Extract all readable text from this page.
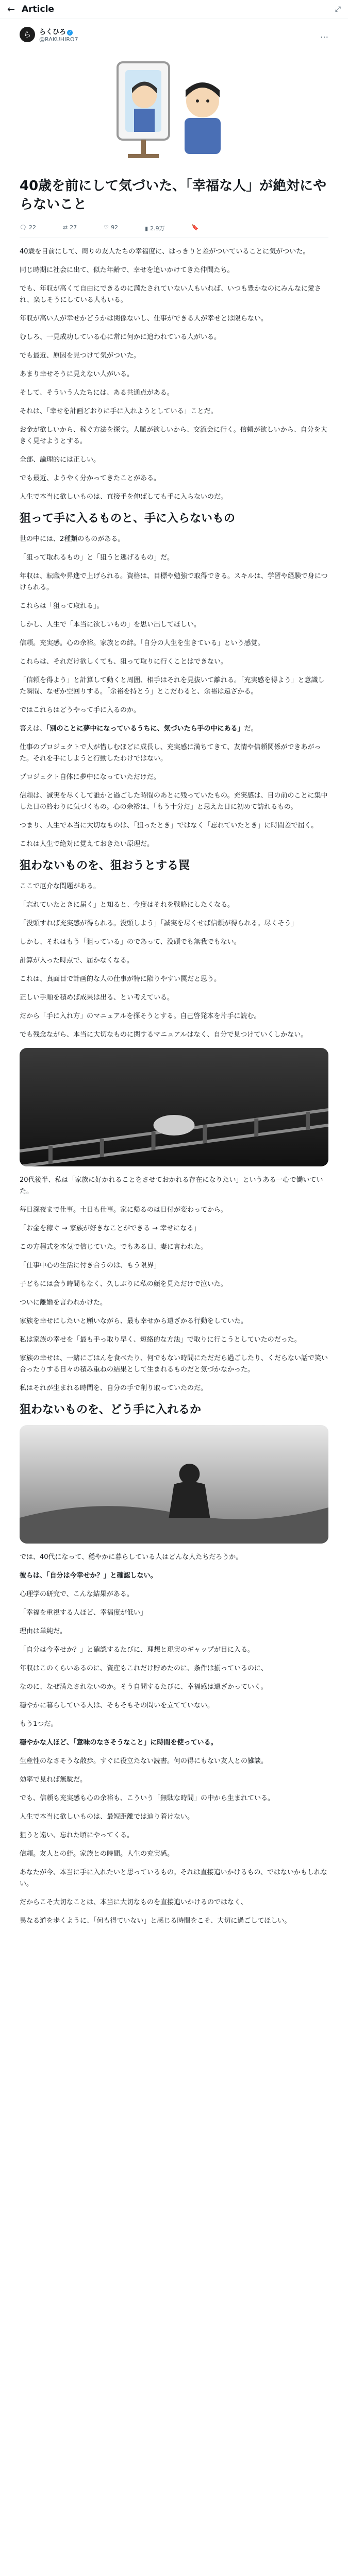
← Article	⤢
ら らくひろ ✓
@RAKUHIRO7	…
40歳を前にして気づいた、「幸福な人」が絶対にやらないこと
🗨 22	⇄ 27	♡ 92	▮ 2.9万	🔖

40歳を目前にして、周りの友人たちの幸福度に、はっきりと差がついていることに気がついた。

同じ時期に社会に出て、似た年齢で、幸せを追いかけてきた仲間たち。

でも、年収が高くて自由にできるのに満たされていない人もいれば、いつも豊かなのにみんなに愛され、楽しそうにしている人もいる。

年収が高い人が幸せかどうかは関係ないし、仕事ができる人が幸せとは限らない。

むしろ、一見成功している心に常に何かに追われている人がいる。

でも最近、原因を見つけて気がついた。

あまり幸せそうに見えない人がいる。

そして、そういう人たちには、ある共通点がある。

それは、「幸せを計画どおりに手に入れようとしている」ことだ。

お金が欲しいから、稼ぐ方法を探す。人脈が欲しいから、交流会に行く。信頼が欲しいから、自分を大きく見せようとする。

全部、論理的には正しい。

でも最近、ようやく分かってきたことがある。

人生で本当に欲しいものは、直接手を伸ばしても手に入らないのだ。

狙って手に入るものと、手に入らないもの

世の中には、2種類のものがある。

「狙って取れるもの」と「狙うと逃げるもの」だ。

年収は、転職や昇進で上げられる。資格は、目標や勉強で取得できる。スキルは、学習や経験で身につけられる。

これらは「狙って取れる」。

しかし、人生で「本当に欲しいもの」を思い出してほしい。

信頼。充実感。心の余裕。家族との絆。「自分の人生を生きている」という感覚。

これらは、それだけ欲しくても、狙って取りに行くことはできない。

「信頼を得よう」と計算して動くと周囲、相手はそれを見抜いて離れる。「充実感を得よう」と意識した瞬間、なぜか空回りする。「余裕を持とう」とこだわると、余裕は遠ざかる。

ではこれらはどうやって手に入るのか。

答えは、「別のことに夢中になっているうちに、気づいたら手の中にある」だ。

仕事のプロジェクトで人が惜しむほどに成長し、充実感に満ちてきて、友情や信頼関係ができあがった。それを手にしようと行動したわけではない。

プロジェクト自体に夢中になっていただけだ。

信頼は、誠実を尽くして誰かと過ごした時間のあとに残っていたもの。充実感は、目の前のことに集中した日の終わりに気づくもの。心の余裕は、「もう十分だ」と思えた日に初めて訪れるもの。

つまり、人生で本当に大切なものは、「狙ったとき」ではなく「忘れていたとき」に時間差で届く。

これは人生で絶対に覚えておきたい原理だ。

狙わないものを、狙おうとする罠

ここで厄介な問題がある。

「忘れていたときに届く」と知ると、今度はそれを戦略にしたくなる。

「没頭すれば充実感が得られる。没頭しよう」「誠実を尽くせば信頼が得られる。尽くそう」

しかし、それはもう「狙っている」のであって、没頭でも無我でもない。

計算が入った時点で、届かなくなる。

これは、真面目で計画的な人の仕事が特に陥りやすい罠だと思う。

正しい手順を積めば成果は出る、とい考えている。

だから「手に入れ方」のマニュアルを探そうとする。自己啓発本を片手に読む。

でも残念ながら、本当に大切なものに関するマニュアルはなく、自分で見つけていくしかない。

20代後半、私は「家族に好かれることをさせておかれる存在になりたい」というある一心で働いていた。

毎日深夜まで仕事。土日も仕事。家に帰るのは日付が変わってから。

「お金を稼ぐ → 家族が好きなことができる → 幸せになる」

この方程式を本気で信じていた。でもある日、妻に言われた。

「仕事中心の生活に付き合うのは、もう限界」

子どもには会う時間もなく、久しぶりに私の顔を見ただけで泣いた。

ついに離婚を言われかけた。

家族を幸せにしたいと願いながら、最も幸せから遠ざかる行動をしていた。

私は家族の幸せを「最も手っ取り早く、短絡的な方法」で取りに行こうとしていたのだった。

家族の幸せは、一緒にごはんを食べたり、何でもない時間にただだら過ごしたり、くだらない話で笑い合ったりする日々の積み重ねの結果として生まれるものだと気づかなかった。

私はそれが生まれる時間を、自分の手で削り取っていたのだ。

狙わないものを、どう手に入れるか

では、40代になって、穏やかに暮らしている人はどんな人たちだろうか。

彼らは、「自分は今幸せか？」と確認しない。

心理学の研究で、こんな結果がある。

「幸福を重視する人ほど、幸福度が低い」

理由は単純だ。

「自分は今幸せか？」と確認するたびに、理想と現実のギャップが目に入る。

年収はこのくらいあるのに、資産もこれだけ貯めたのに、条件は揃っているのに、

なのに、なぜ満たされないのか。そう自問するたびに、幸福感は遠ざかっていく。

穏やかに暮らしている人は、そもそもその問いを立てていない。

もう1つだ。

穏やかな人ほど、「意味のなさそうなこと」に時間を使っている。

生産性のなさそうな散歩。すぐに役立たない読書。何の得にもない友人との雑談。

効率で見れば無駄だ。

でも、信頼も充実感も心の余裕も、こういう「無駄な時間」の中から生まれている。

人生で本当に欲しいものは、最短距離では辿り着けない。

狙うと遠い、忘れた頃にやってくる。

信頼。友人との絆。家族との時間。人生の充実感。

あなたが今、本当に手に入れたいと思っているもの。それは直接追いかけるもの、ではないかもしれない。

だからこそ大切なことは、本当に大切なものを直接追いかけるのではなく、

異なる道を歩くように、「何も得ていない」と感じる時間をこそ、大切に過ごしてほしい。
